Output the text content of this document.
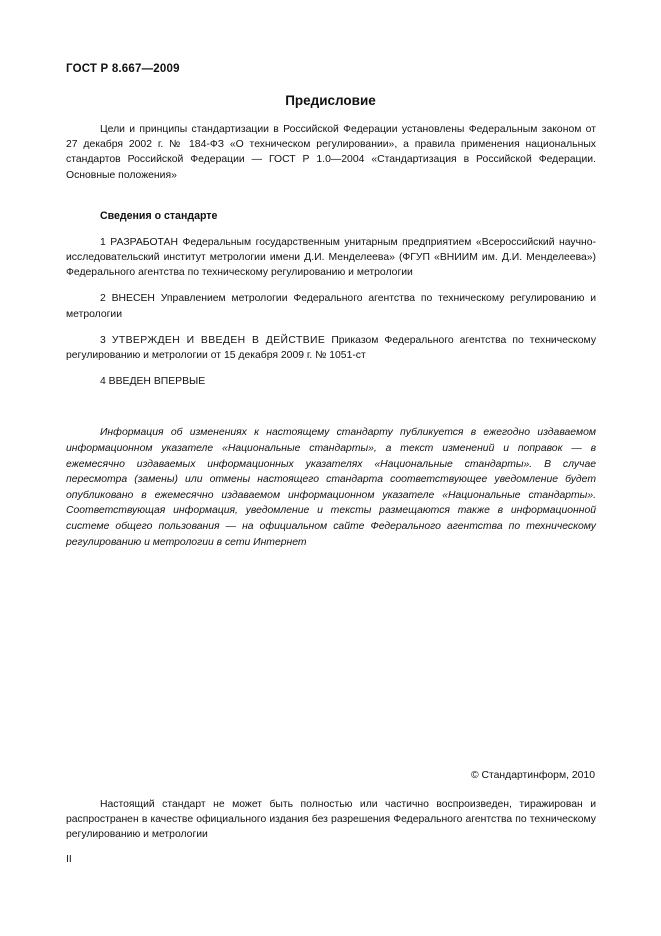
ГОСТ Р 8.667—2009
Предисловие

Цели и принципы стандартизации в Российской Федерации установлены Федеральным законом от 27 декабря 2002 г. № 184-ФЗ «О техническом регулировании», а правила применения национальных стандартов Российской Федерации — ГОСТ Р 1.0—2004 «Стандартизация в Российской Федерации. Основные положения»

Сведения о стандарте

1 РАЗРАБОТАН Федеральным государственным унитарным предприятием «Всероссийский научно-исследовательский институт метрологии имени Д.И. Менделеева» (ФГУП «ВНИИМ им. Д.И. Менделеева») Федерального агентства по техническому регулированию и метрологии

2 ВНЕСЕН Управлением метрологии Федерального агентства по техническому регулированию и метрологии

3 УТВЕРЖДЕН И ВВЕДЕН В ДЕЙСТВИЕ Приказом Федерального агентства по техническому регулированию и метрологии от 15 декабря 2009 г. № 1051-ст

4 ВВЕДЕН ВПЕРВЫЕ

Информация об изменениях к настоящему стандарту публикуется в ежегодно издаваемом информационном указателе «Национальные стандарты», а текст изменений и поправок — в ежемесячно издаваемых информационных указателях «Национальные стандарты». В случае пересмотра (замены) или отмены настоящего стандарта соответствующее уведомление будет опубликовано в ежемесячно издаваемом информационном указателе «Национальные стандарты». Соответствующая информация, уведомление и тексты размещаются также в информационной системе общего пользования — на официальном сайте Федерального агентства по техническому регулированию и метрологии в сети Интернет

© Стандартинформ, 2010
Настоящий стандарт не может быть полностью или частично воспроизведен, тиражирован и распространен в качестве официального издания без разрешения Федерального агентства по техническому регулированию и метрологии
II
